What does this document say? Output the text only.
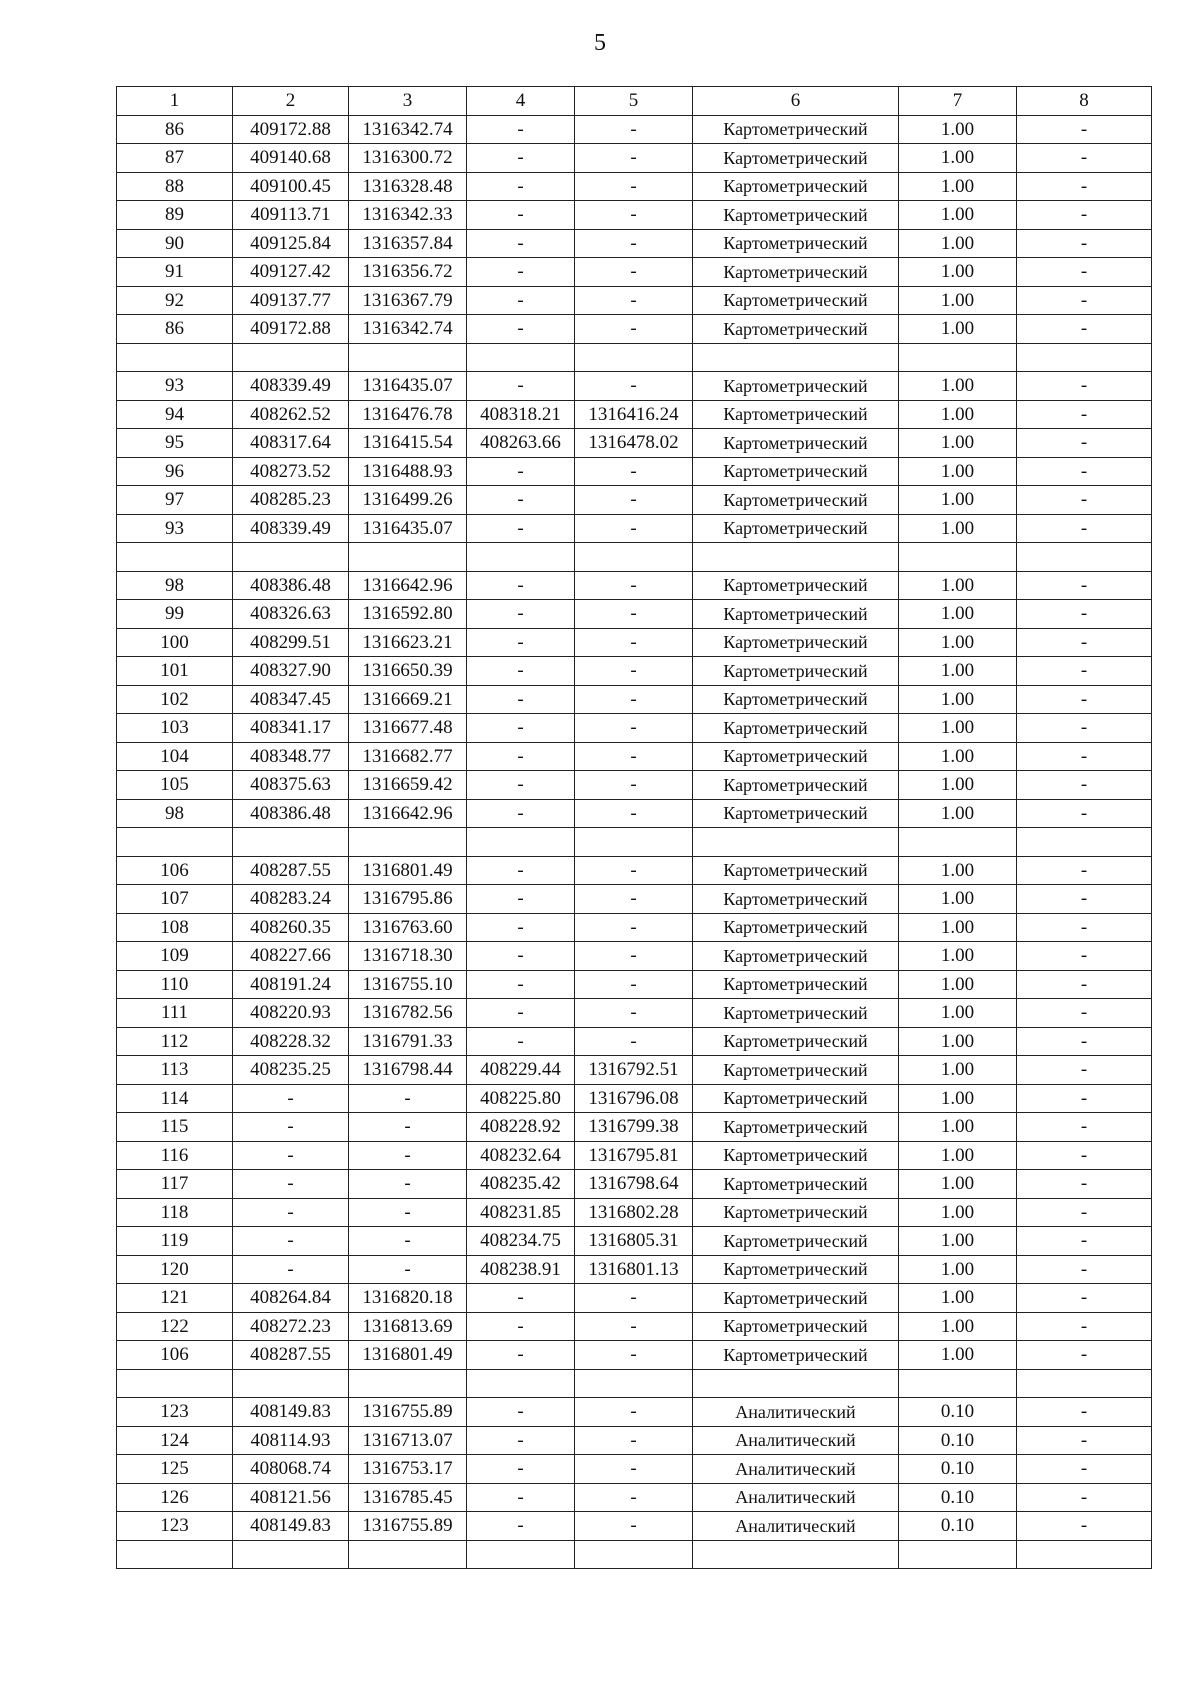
5
1	2	3	4	5	6	7	8
86	409172.88	1316342.74	-	-	Картометрический	1.00	-
87	409140.68	1316300.72	-	-	Картометрический	1.00	-
88	409100.45	1316328.48	-	-	Картометрический	1.00	-
89	409113.71	1316342.33	-	-	Картометрический	1.00	-
90	409125.84	1316357.84	-	-	Картометрический	1.00	-
91	409127.42	1316356.72	-	-	Картометрический	1.00	-
92	409137.77	1316367.79	-	-	Картометрический	1.00	-
86	409172.88	1316342.74	-	-	Картометрический	1.00	-

93	408339.49	1316435.07	-	-	Картометрический	1.00	-
94	408262.52	1316476.78	408318.21	1316416.24	Картометрический	1.00	-
95	408317.64	1316415.54	408263.66	1316478.02	Картометрический	1.00	-
96	408273.52	1316488.93	-	-	Картометрический	1.00	-
97	408285.23	1316499.26	-	-	Картометрический	1.00	-
93	408339.49	1316435.07	-	-	Картометрический	1.00	-

98	408386.48	1316642.96	-	-	Картометрический	1.00	-
99	408326.63	1316592.80	-	-	Картометрический	1.00	-
100	408299.51	1316623.21	-	-	Картометрический	1.00	-
101	408327.90	1316650.39	-	-	Картометрический	1.00	-
102	408347.45	1316669.21	-	-	Картометрический	1.00	-
103	408341.17	1316677.48	-	-	Картометрический	1.00	-
104	408348.77	1316682.77	-	-	Картометрический	1.00	-
105	408375.63	1316659.42	-	-	Картометрический	1.00	-
98	408386.48	1316642.96	-	-	Картометрический	1.00	-

106	408287.55	1316801.49	-	-	Картометрический	1.00	-
107	408283.24	1316795.86	-	-	Картометрический	1.00	-
108	408260.35	1316763.60	-	-	Картометрический	1.00	-
109	408227.66	1316718.30	-	-	Картометрический	1.00	-
110	408191.24	1316755.10	-	-	Картометрический	1.00	-
111	408220.93	1316782.56	-	-	Картометрический	1.00	-
112	408228.32	1316791.33	-	-	Картометрический	1.00	-
113	408235.25	1316798.44	408229.44	1316792.51	Картометрический	1.00	-
114	-	-	408225.80	1316796.08	Картометрический	1.00	-
115	-	-	408228.92	1316799.38	Картометрический	1.00	-
116	-	-	408232.64	1316795.81	Картометрический	1.00	-
117	-	-	408235.42	1316798.64	Картометрический	1.00	-
118	-	-	408231.85	1316802.28	Картометрический	1.00	-
119	-	-	408234.75	1316805.31	Картометрический	1.00	-
120	-	-	408238.91	1316801.13	Картометрический	1.00	-
121	408264.84	1316820.18	-	-	Картометрический	1.00	-
122	408272.23	1316813.69	-	-	Картометрический	1.00	-
106	408287.55	1316801.49	-	-	Картометрический	1.00	-

123	408149.83	1316755.89	-	-	Аналитический	0.10	-
124	408114.93	1316713.07	-	-	Аналитический	0.10	-
125	408068.74	1316753.17	-	-	Аналитический	0.10	-
126	408121.56	1316785.45	-	-	Аналитический	0.10	-
123	408149.83	1316755.89	-	-	Аналитический	0.10	-
